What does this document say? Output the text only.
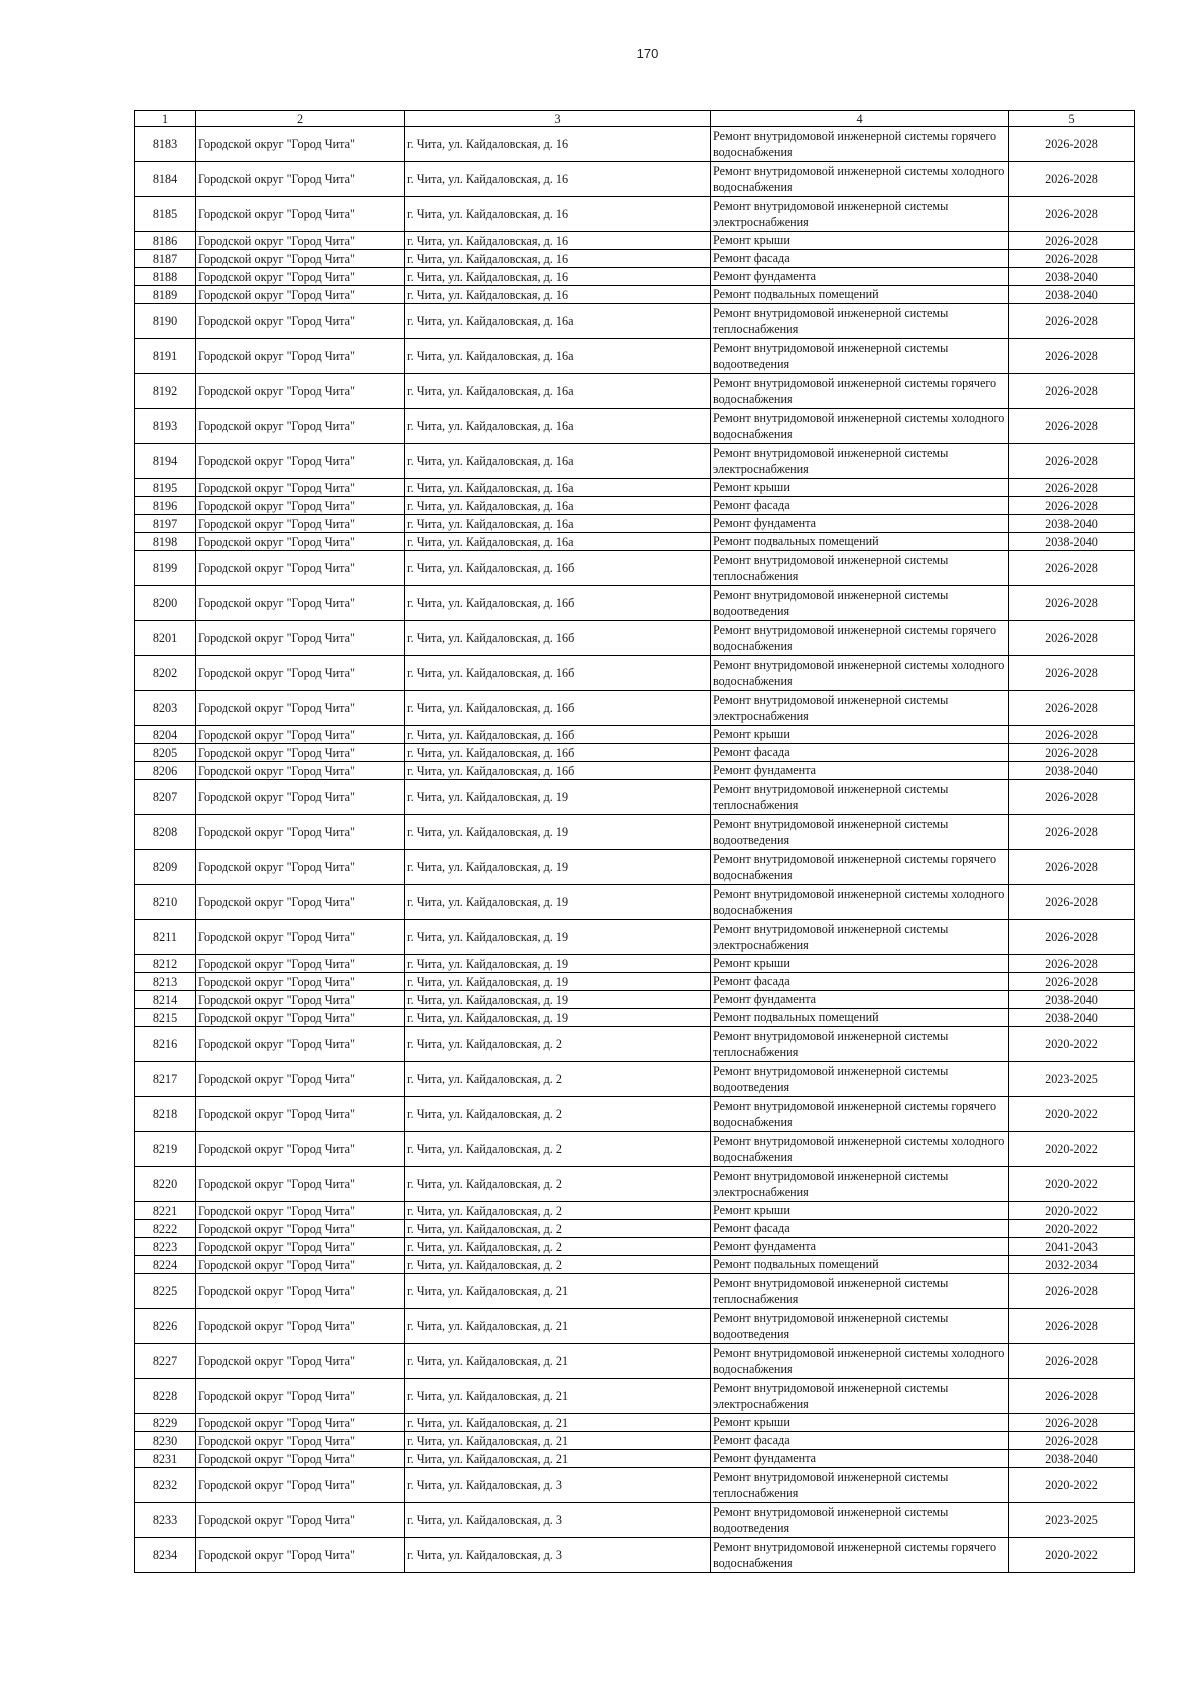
170
1	2	3	4	5
8183	Городской округ "Город Чита"	г. Чита, ул. Кайдаловская, д. 16	Ремонт внутридомовой инженерной системы горячего водоснабжения	2026-2028
8184	Городской округ "Город Чита"	г. Чита, ул. Кайдаловская, д. 16	Ремонт внутридомовой инженерной системы холодного водоснабжения	2026-2028
8185	Городской округ "Город Чита"	г. Чита, ул. Кайдаловская, д. 16	Ремонт внутридомовой инженерной системы электроснабжения	2026-2028
8186	Городской округ "Город Чита"	г. Чита, ул. Кайдаловская, д. 16	Ремонт крыши	2026-2028
8187	Городской округ "Город Чита"	г. Чита, ул. Кайдаловская, д. 16	Ремонт фасада	2026-2028
8188	Городской округ "Город Чита"	г. Чита, ул. Кайдаловская, д. 16	Ремонт фундамента	2038-2040
8189	Городской округ "Город Чита"	г. Чита, ул. Кайдаловская, д. 16	Ремонт подвальных помещений	2038-2040
8190	Городской округ "Город Чита"	г. Чита, ул. Кайдаловская, д. 16а	Ремонт внутридомовой инженерной системы теплоснабжения	2026-2028
8191	Городской округ "Город Чита"	г. Чита, ул. Кайдаловская, д. 16а	Ремонт внутридомовой инженерной системы водоотведения	2026-2028
8192	Городской округ "Город Чита"	г. Чита, ул. Кайдаловская, д. 16а	Ремонт внутридомовой инженерной системы горячего водоснабжения	2026-2028
8193	Городской округ "Город Чита"	г. Чита, ул. Кайдаловская, д. 16а	Ремонт внутридомовой инженерной системы холодного водоснабжения	2026-2028
8194	Городской округ "Город Чита"	г. Чита, ул. Кайдаловская, д. 16а	Ремонт внутридомовой инженерной системы электроснабжения	2026-2028
8195	Городской округ "Город Чита"	г. Чита, ул. Кайдаловская, д. 16а	Ремонт крыши	2026-2028
8196	Городской округ "Город Чита"	г. Чита, ул. Кайдаловская, д. 16а	Ремонт фасада	2026-2028
8197	Городской округ "Город Чита"	г. Чита, ул. Кайдаловская, д. 16а	Ремонт фундамента	2038-2040
8198	Городской округ "Город Чита"	г. Чита, ул. Кайдаловская, д. 16а	Ремонт подвальных помещений	2038-2040
8199	Городской округ "Город Чита"	г. Чита, ул. Кайдаловская, д. 16б	Ремонт внутридомовой инженерной системы теплоснабжения	2026-2028
8200	Городской округ "Город Чита"	г. Чита, ул. Кайдаловская, д. 16б	Ремонт внутридомовой инженерной системы водоотведения	2026-2028
8201	Городской округ "Город Чита"	г. Чита, ул. Кайдаловская, д. 16б	Ремонт внутридомовой инженерной системы горячего водоснабжения	2026-2028
8202	Городской округ "Город Чита"	г. Чита, ул. Кайдаловская, д. 16б	Ремонт внутридомовой инженерной системы холодного водоснабжения	2026-2028
8203	Городской округ "Город Чита"	г. Чита, ул. Кайдаловская, д. 16б	Ремонт внутридомовой инженерной системы электроснабжения	2026-2028
8204	Городской округ "Город Чита"	г. Чита, ул. Кайдаловская, д. 16б	Ремонт крыши	2026-2028
8205	Городской округ "Город Чита"	г. Чита, ул. Кайдаловская, д. 16б	Ремонт фасада	2026-2028
8206	Городской округ "Город Чита"	г. Чита, ул. Кайдаловская, д. 16б	Ремонт фундамента	2038-2040
8207	Городской округ "Город Чита"	г. Чита, ул. Кайдаловская, д. 19	Ремонт внутридомовой инженерной системы теплоснабжения	2026-2028
8208	Городской округ "Город Чита"	г. Чита, ул. Кайдаловская, д. 19	Ремонт внутридомовой инженерной системы водоотведения	2026-2028
8209	Городской округ "Город Чита"	г. Чита, ул. Кайдаловская, д. 19	Ремонт внутридомовой инженерной системы горячего водоснабжения	2026-2028
8210	Городской округ "Город Чита"	г. Чита, ул. Кайдаловская, д. 19	Ремонт внутридомовой инженерной системы холодного водоснабжения	2026-2028
8211	Городской округ "Город Чита"	г. Чита, ул. Кайдаловская, д. 19	Ремонт внутридомовой инженерной системы электроснабжения	2026-2028
8212	Городской округ "Город Чита"	г. Чита, ул. Кайдаловская, д. 19	Ремонт крыши	2026-2028
8213	Городской округ "Город Чита"	г. Чита, ул. Кайдаловская, д. 19	Ремонт фасада	2026-2028
8214	Городской округ "Город Чита"	г. Чита, ул. Кайдаловская, д. 19	Ремонт фундамента	2038-2040
8215	Городской округ "Город Чита"	г. Чита, ул. Кайдаловская, д. 19	Ремонт подвальных помещений	2038-2040
8216	Городской округ "Город Чита"	г. Чита, ул. Кайдаловская, д. 2	Ремонт внутридомовой инженерной системы теплоснабжения	2020-2022
8217	Городской округ "Город Чита"	г. Чита, ул. Кайдаловская, д. 2	Ремонт внутридомовой инженерной системы водоотведения	2023-2025
8218	Городской округ "Город Чита"	г. Чита, ул. Кайдаловская, д. 2	Ремонт внутридомовой инженерной системы горячего водоснабжения	2020-2022
8219	Городской округ "Город Чита"	г. Чита, ул. Кайдаловская, д. 2	Ремонт внутридомовой инженерной системы холодного водоснабжения	2020-2022
8220	Городской округ "Город Чита"	г. Чита, ул. Кайдаловская, д. 2	Ремонт внутридомовой инженерной системы электроснабжения	2020-2022
8221	Городской округ "Город Чита"	г. Чита, ул. Кайдаловская, д. 2	Ремонт крыши	2020-2022
8222	Городской округ "Город Чита"	г. Чита, ул. Кайдаловская, д. 2	Ремонт фасада	2020-2022
8223	Городской округ "Город Чита"	г. Чита, ул. Кайдаловская, д. 2	Ремонт фундамента	2041-2043
8224	Городской округ "Город Чита"	г. Чита, ул. Кайдаловская, д. 2	Ремонт подвальных помещений	2032-2034
8225	Городской округ "Город Чита"	г. Чита, ул. Кайдаловская, д. 21	Ремонт внутридомовой инженерной системы теплоснабжения	2026-2028
8226	Городской округ "Город Чита"	г. Чита, ул. Кайдаловская, д. 21	Ремонт внутридомовой инженерной системы водоотведения	2026-2028
8227	Городской округ "Город Чита"	г. Чита, ул. Кайдаловская, д. 21	Ремонт внутридомовой инженерной системы холодного водоснабжения	2026-2028
8228	Городской округ "Город Чита"	г. Чита, ул. Кайдаловская, д. 21	Ремонт внутридомовой инженерной системы электроснабжения	2026-2028
8229	Городской округ "Город Чита"	г. Чита, ул. Кайдаловская, д. 21	Ремонт крыши	2026-2028
8230	Городской округ "Город Чита"	г. Чита, ул. Кайдаловская, д. 21	Ремонт фасада	2026-2028
8231	Городской округ "Город Чита"	г. Чита, ул. Кайдаловская, д. 21	Ремонт фундамента	2038-2040
8232	Городской округ "Город Чита"	г. Чита, ул. Кайдаловская, д. 3	Ремонт внутридомовой инженерной системы теплоснабжения	2020-2022
8233	Городской округ "Город Чита"	г. Чита, ул. Кайдаловская, д. 3	Ремонт внутридомовой инженерной системы водоотведения	2023-2025
8234	Городской округ "Город Чита"	г. Чита, ул. Кайдаловская, д. 3	Ремонт внутридомовой инженерной системы горячего водоснабжения	2020-2022
